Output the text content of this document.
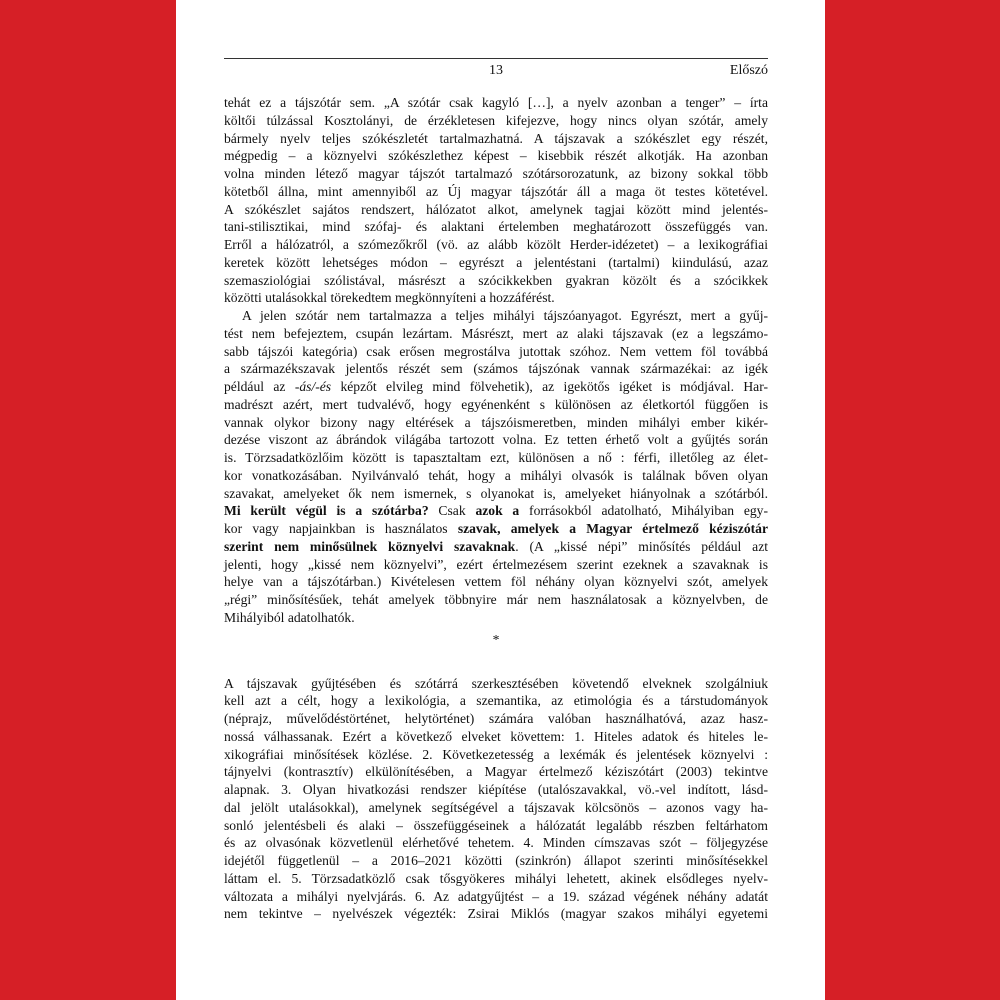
13	Előszó
tehát ez a tájszótár sem. „A szótár csak kagyló […], a nyelv azonban a tenger” – írta
költői túlzással Kosztolányi, de érzékletesen kifejezve, hogy nincs olyan szótár, amely
bármely nyelv teljes szókészletét tartalmazhatná. A tájszavak a szókészlet egy részét,
mégpedig – a köznyelvi szókészlethez képest – kisebbik részét alkotják. Ha azonban
volna minden létező magyar tájszót tartalmazó szótársorozatunk, az bizony sokkal több
kötetből állna, mint amennyiből az Új magyar tájszótár áll a maga öt testes kötetével.
A szókészlet sajátos rendszert, hálózatot alkot, amelynek tagjai között mind jelentés-
tani-stilisztikai, mind szófaj- és alaktani értelemben meghatározott összefüggés van.
Erről a hálózatról, a szómezőkről (vö. az alább közölt Herder-idézetet) – a lexikográfiai
keretek között lehetséges módon – egyrészt a jelentéstani (tartalmi) kiindulású, azaz
szemasziológiai szólistával, másrészt a szócikkekben gyakran közölt és a szócikkek
közötti utalásokkal törekedtem megkönnyíteni a hozzáférést.
A jelen szótár nem tartalmazza a teljes mihályi tájszóanyagot. Egyrészt, mert a gyűj-
tést nem befejeztem, csupán lezártam. Másrészt, mert az alaki tájszavak (ez a legszámo-
sabb tájszói kategória) csak erősen megrostálva jutottak szóhoz. Nem vettem föl továbbá
a származékszavak jelentős részét sem (számos tájszónak vannak származékai: az igék
például az -ás/-és képzőt elvileg mind fölvehetik), az igekötős igéket is módjával. Har-
madrészt azért, mert tudvalévő, hogy egyénenként s különösen az életkortól függően is
vannak olykor bizony nagy eltérések a tájszóismeretben, minden mihályi ember kikér-
dezése viszont az ábrándok világába tartozott volna. Ez tetten érhető volt a gyűjtés során
is. Törzsadatközlőim között is tapasztaltam ezt, különösen a nő : férfi, illetőleg az élet-
kor vonatkozásában. Nyilvánvaló tehát, hogy a mihályi olvasók is találnak bőven olyan
szavakat, amelyeket ők nem ismernek, s olyanokat is, amelyeket hiányolnak a szótárból.
Mi került végül is a szótárba? Csak azok a forrásokból adatolható, Mihályiban egy-
kor vagy napjainkban is használatos szavak, amelyek a Magyar értelmező kéziszótár
szerint nem minősülnek köznyelvi szavaknak. (A „kissé népi” minősítés például azt
jelenti, hogy „kissé nem köznyelvi”, ezért értelmezésem szerint ezeknek a szavaknak is
helye van a tájszótárban.) Kivételesen vettem föl néhány olyan köznyelvi szót, amelyek
„régi” minősítésűek, tehát amelyek többnyire már nem használatosak a köznyelvben, de
Mihályiból adatolhatók.
*
A tájszavak gyűjtésében és szótárrá szerkesztésében követendő elveknek szolgálniuk
kell azt a célt, hogy a lexikológia, a szemantika, az etimológia és a társtudományok
(néprajz, művelődéstörténet, helytörténet) számára valóban használhatóvá, azaz hasz-
nossá válhassanak. Ezért a következő elveket követtem: 1. Hiteles adatok és hiteles le-
xikográfiai minősítések közlése. 2. Következetesség a lexémák és jelentések köznyelvi :
tájnyelvi (kontrasztív) elkülönítésében, a Magyar értelmező kéziszótárt (2003) tekintve
alapnak. 3. Olyan hivatkozási rendszer kiépítése (utalószavakkal, vö.-vel indított, lásd-
dal jelölt utalásokkal), amelynek segítségével a tájszavak kölcsönös – azonos vagy ha-
sonló jelentésbeli és alaki – összefüggéseinek a hálózatát legalább részben feltárhatom
és az olvasónak közvetlenül elérhetővé tehetem. 4. Minden címszavas szót – följegyzése
idejétől függetlenül – a 2016–2021 közötti (szinkrón) állapot szerinti minősítésekkel
láttam el. 5. Törzsadatközlő csak tősgyökeres mihályi lehetett, akinek elsődleges nyelv-
változata a mihályi nyelvjárás. 6. Az adatgyűjtést – a 19. század végének néhány adatát
nem tekintve – nyelvészek végezték: Zsirai Miklós (magyar szakos mihályi egyetemi
